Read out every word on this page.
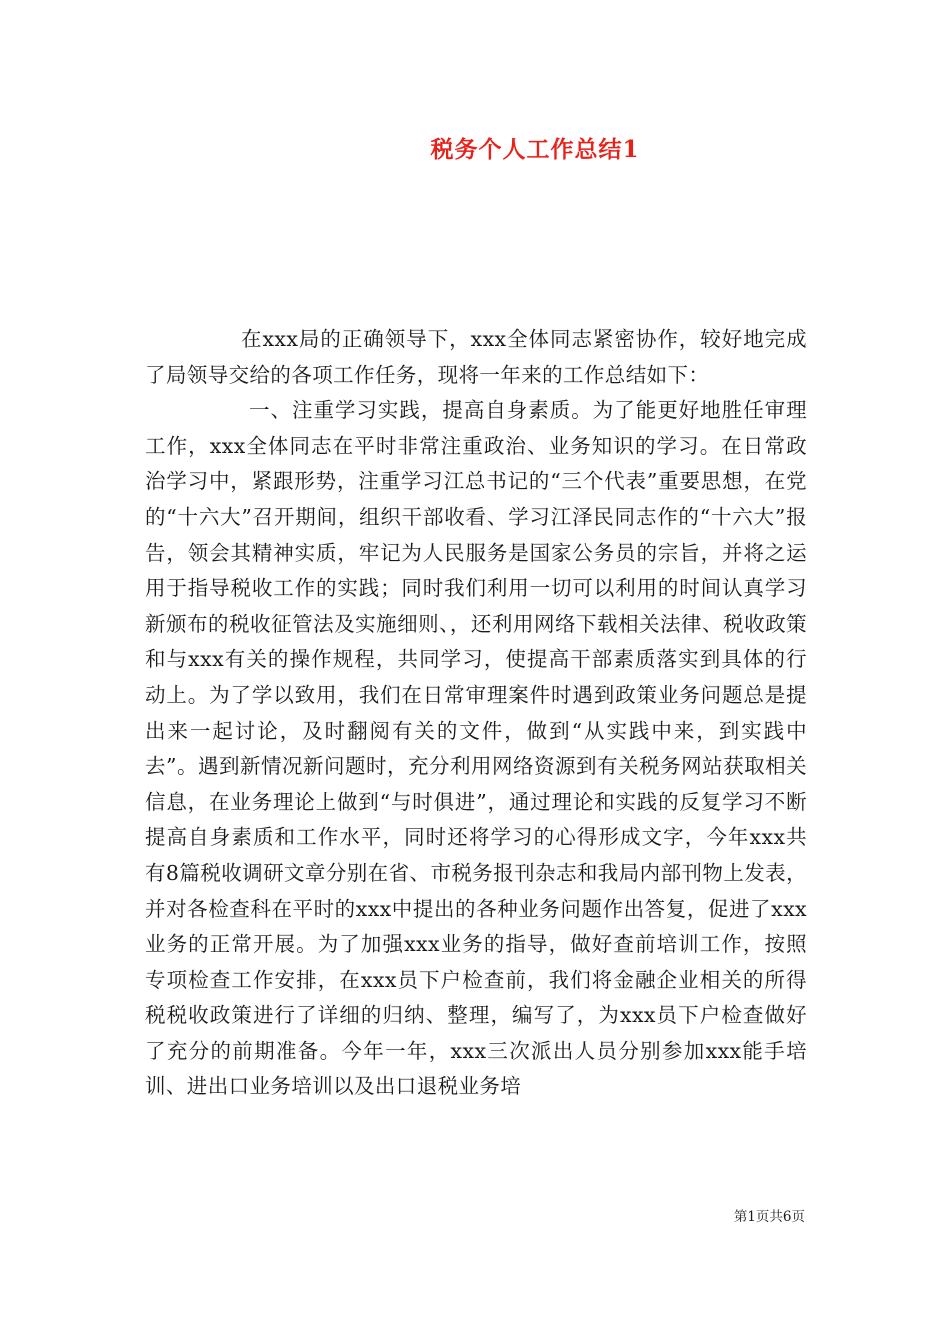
税务个人工作总结1

在xxx局的正确领导下，xxx全体同志紧密协作，较好地完成了局领导交给的各项工作任务，现将一年来的工作总结如下：

一、注重学习实践，提高自身素质。为了能更好地胜任审理工作，xxx全体同志在平时非常注重政治、业务知识的学习。在日常政治学习中，紧跟形势，注重学习江总书记的“三个代表”重要思想，在党的“十六大”召开期间，组织干部收看、学习江泽民同志作的“十六大”报告，领会其精神实质，牢记为人民服务是国家公务员的宗旨，并将之运用于指导税收工作的实践；同时我们利用一切可以利用的时间认真学习新颁布的税收征管法及实施细则、，还利用网络下载相关法律、税收政策和与xxx有关的操作规程，共同学习，使提高干部素质落实到具体的行动上。为了学以致用，我们在日常审理案件时遇到政策业务问题总是提出来一起讨论，及时翻阅有关的文件，做到“从实践中来，到实践中去”。遇到新情况新问题时，充分利用网络资源到有关税务网站获取相关信息，在业务理论上做到“与时俱进”，通过理论和实践的反复学习不断提高自身素质和工作水平，同时还将学习的心得形成文字，今年xxx共有8篇税收调研文章分别在省、市税务报刊杂志和我局内部刊物上发表，并对各检查科在平时的xxx中提出的各种业务问题作出答复，促进了xxx业务的正常开展。为了加强xxx业务的指导，做好查前培训工作，按照专项检查工作安排，在xxx员下户检查前，我们将金融企业相关的所得税税收政策进行了详细的归纳、整理，编写了，为xxx员下户检查做好了充分的前期准备。今年一年，xxx三次派出人员分别参加xxx能手培训、进出口业务培训以及出口退税业务培

第1页共6页
